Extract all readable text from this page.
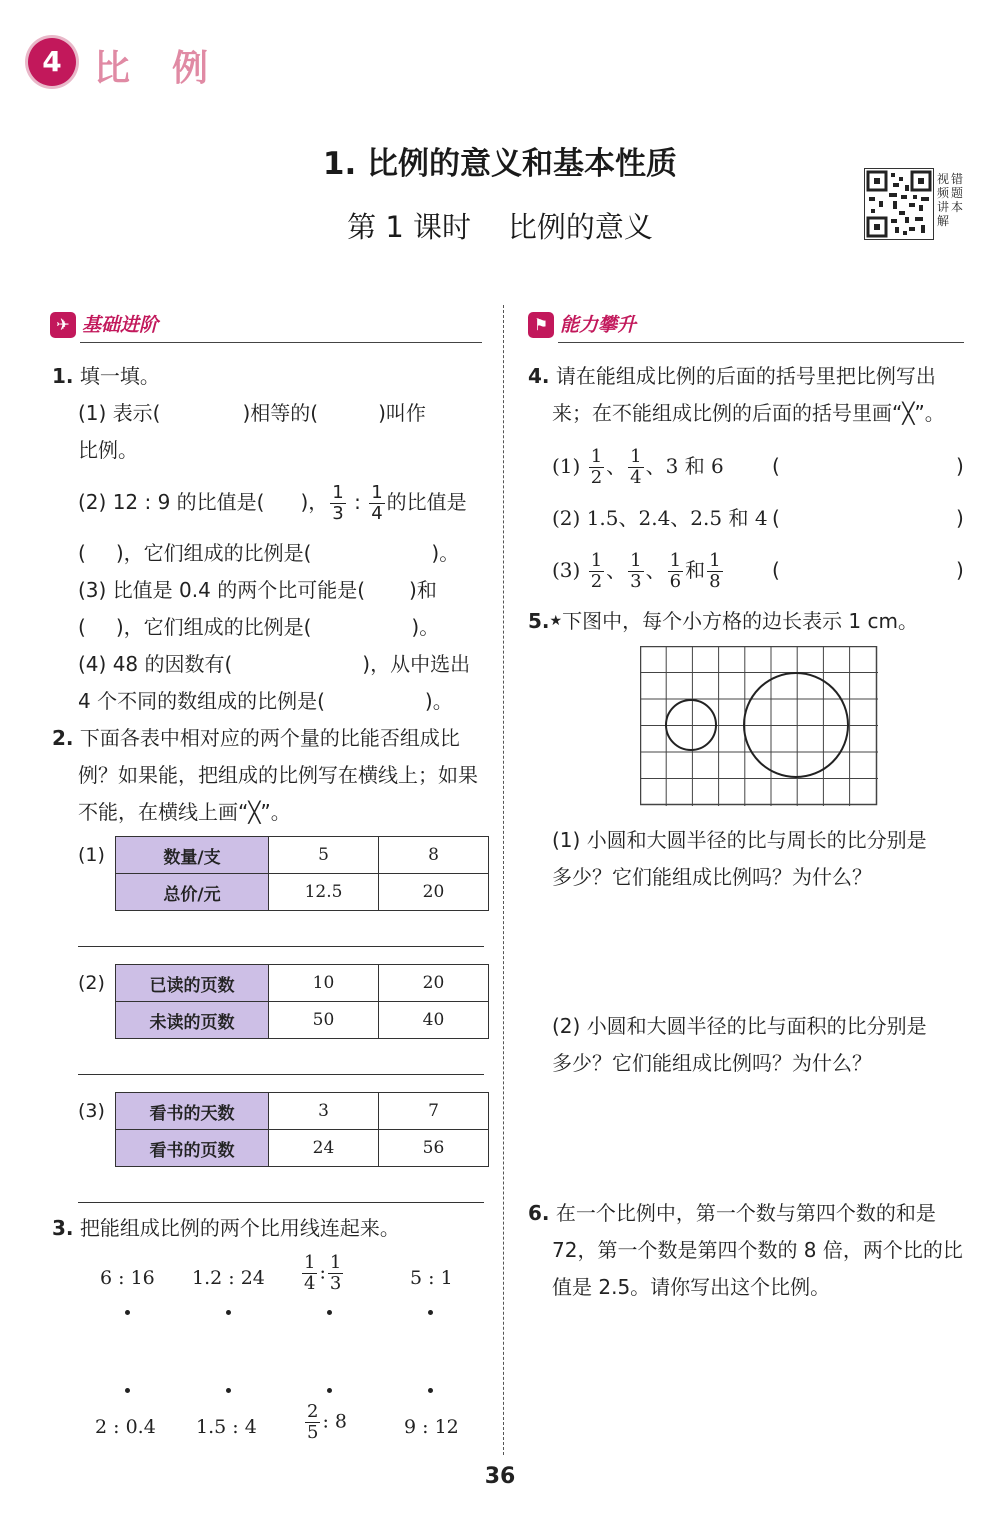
4 比例
1. 比例的意义和基本性质
第 1 课时 比例的意义
视频讲解错题本
✈ 基础进阶	⚑ 能力攀升
1. 填一填。
(1) 表示(	)相等的(	)叫作
比例。
(2) 12 : 9 的比值是( )， $\frac{1}{3}$ : $\frac{1}{4}$ 的比值是
( )，它们组成的比例是(	)。
(3) 比值是 0.4 的两个比可能是( )和
( )，它们组成的比例是(	)。
(4) 48 的因数有(	)，从中选出
4 个不同的数组成的比例是(	)。
2. 下面各表中相对应的两个量的比能否组成比
例？如果能，把组成的比例写在横线上；如果
不能，在横线上画“╳”。
(1)	数量/支	5	8
总价/元	12.5	20
(2)	已读的页数	10	20
未读的页数	50	40
(3)	看书的天数	3	7
看书的页数	24	56
3. 把能组成比例的两个比用线连起来。
6 : 16 1.2 : $24 \frac{1}{4}$ : $\frac{1}{3}$	5 : 1
2 : 0.4 1.5 : 4	$\frac{2}{5}$ : 8	9 : 12
4. 请在能组成比例的后面的括号里把比例写出
来；在不能组成比例的后面的括号里画“╳”。
$(1) \frac{1}{2}$ 、 $\frac{1}{4}$ 、3 和 6 (	)
(2) 1.5、2.4、2.5 和 4 (	)
$(3) \frac{1}{2}$ 、 $\frac{1}{3}$ 、 $\frac{1}{6}$ 和 $\frac{1}{8}$ (	)
5.★下图中，每个小方格的边长表示 1 cm。
(1) 小圆和大圆半径的比与周长的比分别是
多少？它们能组成比例吗？为什么？
(2) 小圆和大圆半径的比与面积的比分别是
多少？它们能组成比例吗？为什么？
6. 在一个比例中，第一个数与第四个数的和是
72，第一个数是第四个数的 8 倍，两个比的比
值是 2.5。请你写出这个比例。
36
